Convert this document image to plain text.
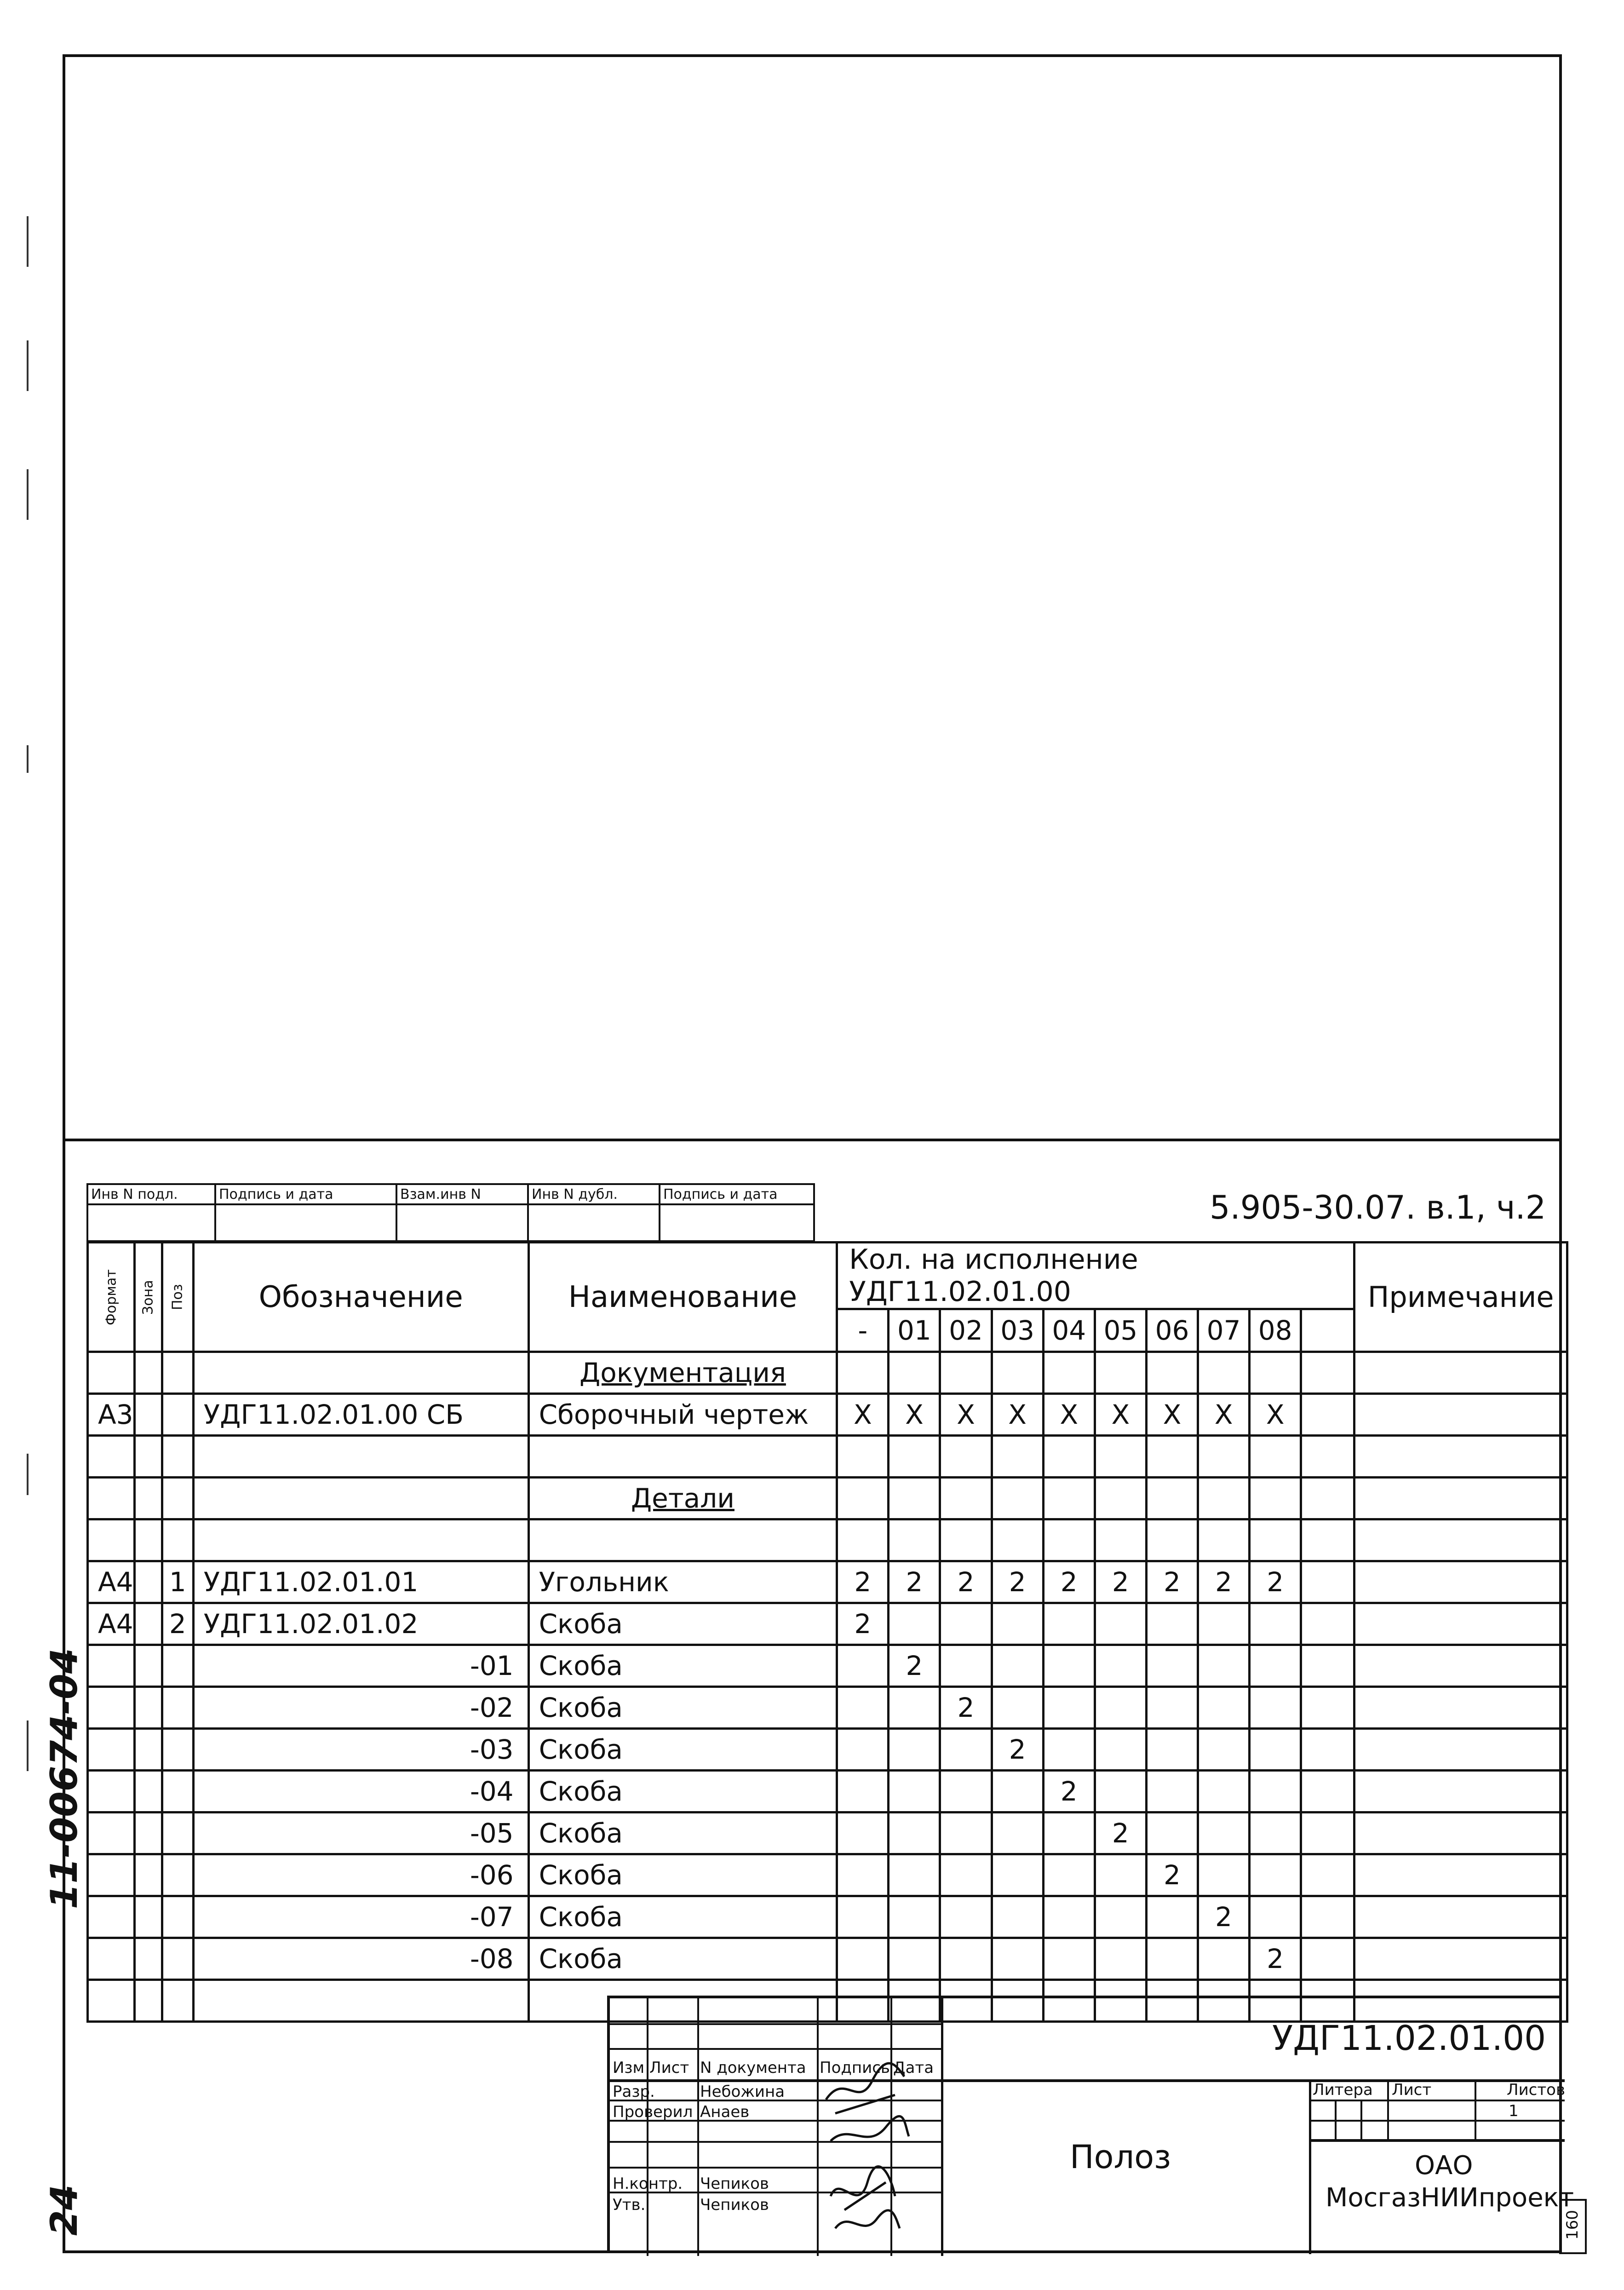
Инв N подл.	Подпись и дата	Взам.инв N	Инв N дубл.	Подпись и дата
					5.905-30.07. в.1, ч.2
Формат	Зона	Поз	Обозначение	Наименование	Кол. на исполнение УДГ11.02.01.00										Примечание
					-	01	02	03	04	05	06	07	08		
				Документация											
А3			УДГ11.02.01.00 СБ	Сборочный чертеж	Х	Х	Х	Х	Х	Х	Х	Х	Х		

				Детали											

А4		1	УДГ11.02.01.01	Угольник	2	2	2	2	2	2	2	2	2		
А4		2	УДГ11.02.01.02	Скоба	2										
			-01	Скоба		2									
			-02	Скоба			2								
			-03	Скоба				2							
			-04	Скоба					2						
			-05	Скоба						2					
			-06	Скоба							2				
			-07	Скоба								2			
			-08	Скоба									2		

Изм Лист N документа Подпись Дата
Разр.	Небожина
Проверил Анаев
Н.контр. Чепиков
Утв.	Чепиков
УДГ11.02.01.00
Полоз
Литера Лист	Листов
1
ОАО
МосгазНИИпроект
160
11-00674-04
24
